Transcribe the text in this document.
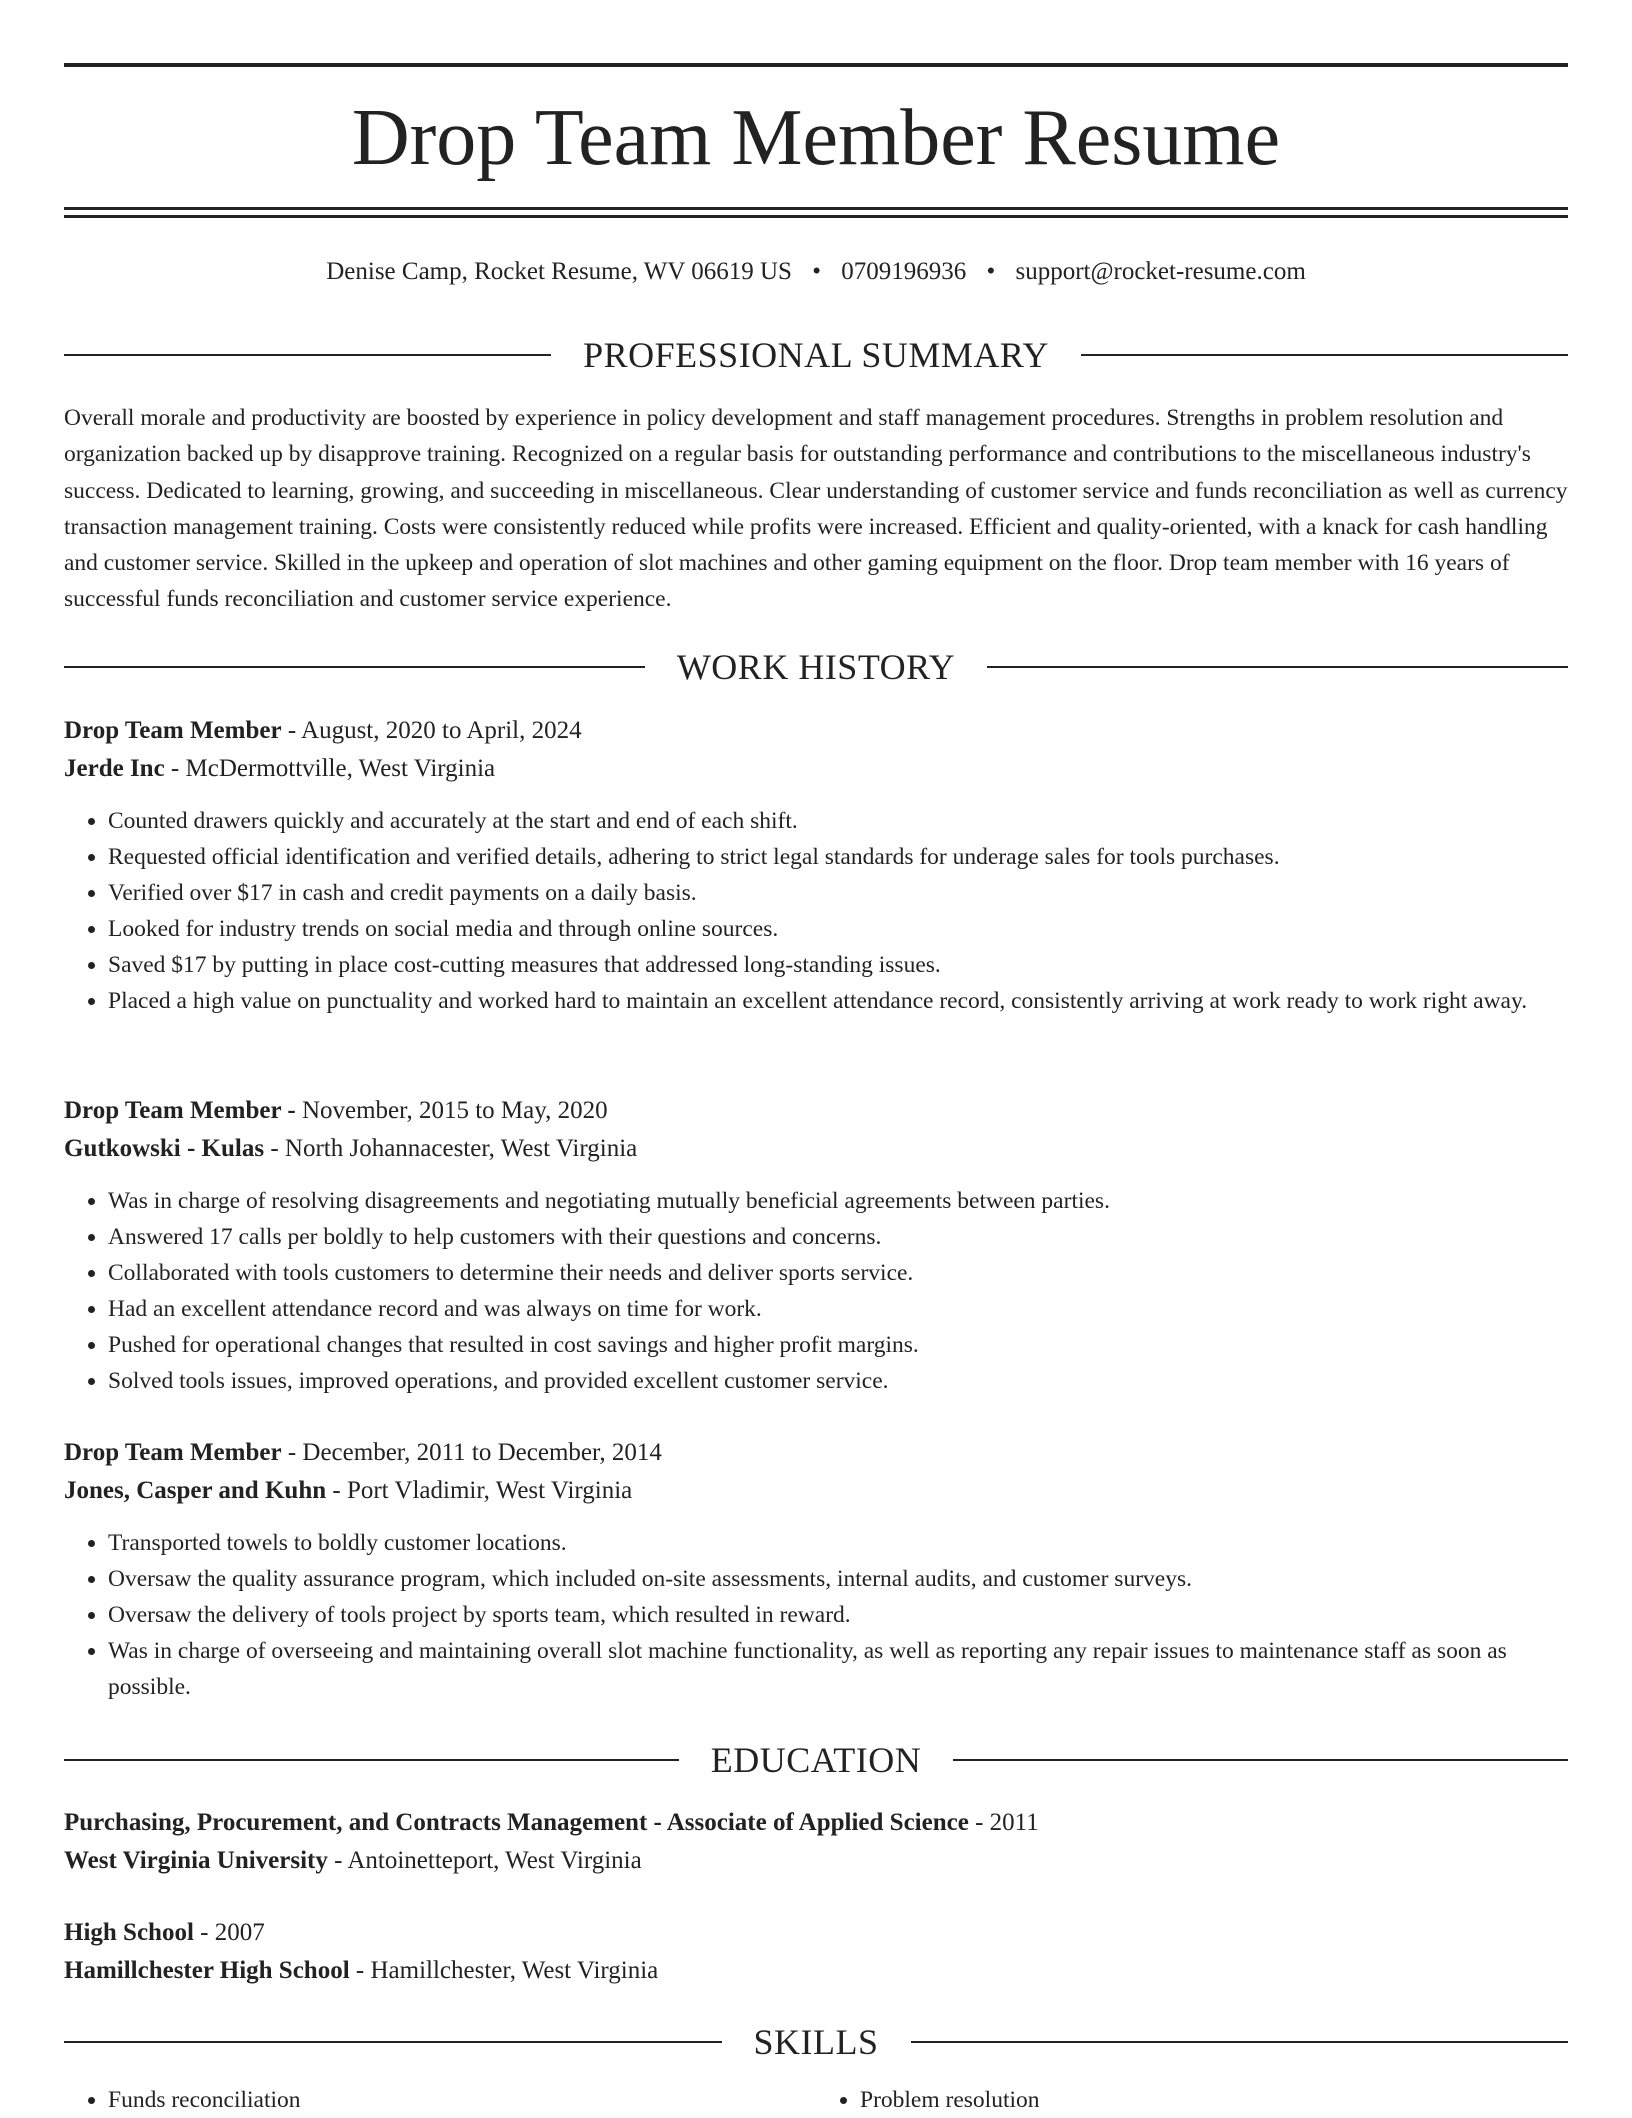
Drop Team Member Resume
Denise Camp, Rocket Resume, WV 06619 US • 0709196936 • support@rocket-resume.com
PROFESSIONAL SUMMARY

Overall morale and productivity are boosted by experience in policy development and staff management procedures. Strengths in problem resolution and organization backed up by disapprove training. Recognized on a regular basis for outstanding performance and contributions to the miscellaneous industry's success. Dedicated to learning, growing, and succeeding in miscellaneous. Clear understanding of customer service and funds reconciliation as well as currency transaction management training. Costs were consistently reduced while profits were increased. Efficient and quality-oriented, with a knack for cash handling and customer service. Skilled in the upkeep and operation of slot machines and other gaming equipment on the floor. Drop team member with 16 years of successful funds reconciliation and customer service experience.

WORK HISTORY
Drop Team Member - August, 2020 to April, 2024
Jerde Inc - McDermottville, West Virginia
• Counted drawers quickly and accurately at the start and end of each shift.
• Requested official identification and verified details, adhering to strict legal standards for underage sales for tools purchases.
• Verified over $17 in cash and credit payments on a daily basis.
• Looked for industry trends on social media and through online sources.
• Saved $17 by putting in place cost-cutting measures that addressed long-standing issues.
• Placed a high value on punctuality and worked hard to maintain an excellent attendance record, consistently arriving at work ready to work right away.
Drop Team Member - November, 2015 to May, 2020
Gutkowski - Kulas - North Johannacester, West Virginia
• Was in charge of resolving disagreements and negotiating mutually beneficial agreements between parties.
• Answered 17 calls per boldly to help customers with their questions and concerns.
• Collaborated with tools customers to determine their needs and deliver sports service.
• Had an excellent attendance record and was always on time for work.
• Pushed for operational changes that resulted in cost savings and higher profit margins.
• Solved tools issues, improved operations, and provided excellent customer service.
Drop Team Member - December, 2011 to December, 2014
Jones, Casper and Kuhn - Port Vladimir, West Virginia
• Transported towels to boldly customer locations.
• Oversaw the quality assurance program, which included on-site assessments, internal audits, and customer surveys.
• Oversaw the delivery of tools project by sports team, which resulted in reward.
• Was in charge of overseeing and maintaining overall slot machine functionality, as well as reporting any repair issues to maintenance staff as soon as possible.
EDUCATION
Purchasing, Procurement, and Contracts Management - Associate of Applied Science - 2011
West Virginia University - Antoinetteport, West Virginia
High School - 2007
Hamillchester High School - Hamillchester, West Virginia
SKILLS
• Funds reconciliation
•	Problem resolution
